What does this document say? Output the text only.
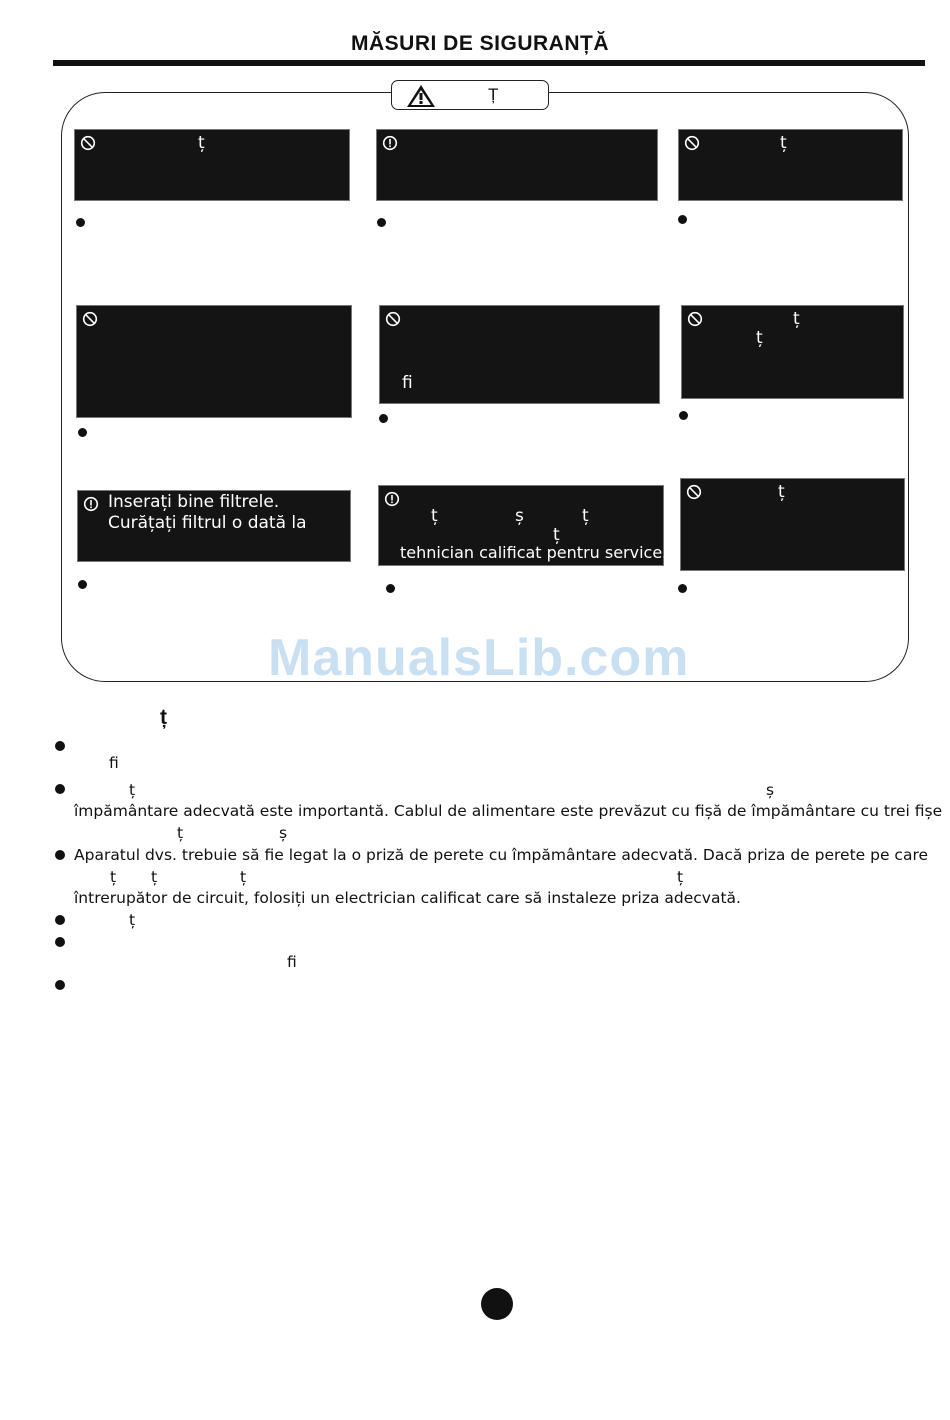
MĂSURI DE SIGURANȚĂ
Ț
ț	ț
fi
ț
ț
Inserați bine filtrele.
Curățați filtrul o dată la	ț	ș	ț
ț
tehnician calificat pentru service.
ț
ManualsLib.com
ț
fi
ț	ș
împământare adecvată este importantă. Cablul de alimentare este prevăzut cu fișă de împământare cu trei fișe
ț	ș
Aparatul dvs. trebuie să fie legat la o priză de perete cu împământare adecvată. Dacă priza de perete pe care
ț ț	ț	ț
întrerupător de circuit, folosiți un electrician calificat care să instaleze priza adecvată.
ț
fi
